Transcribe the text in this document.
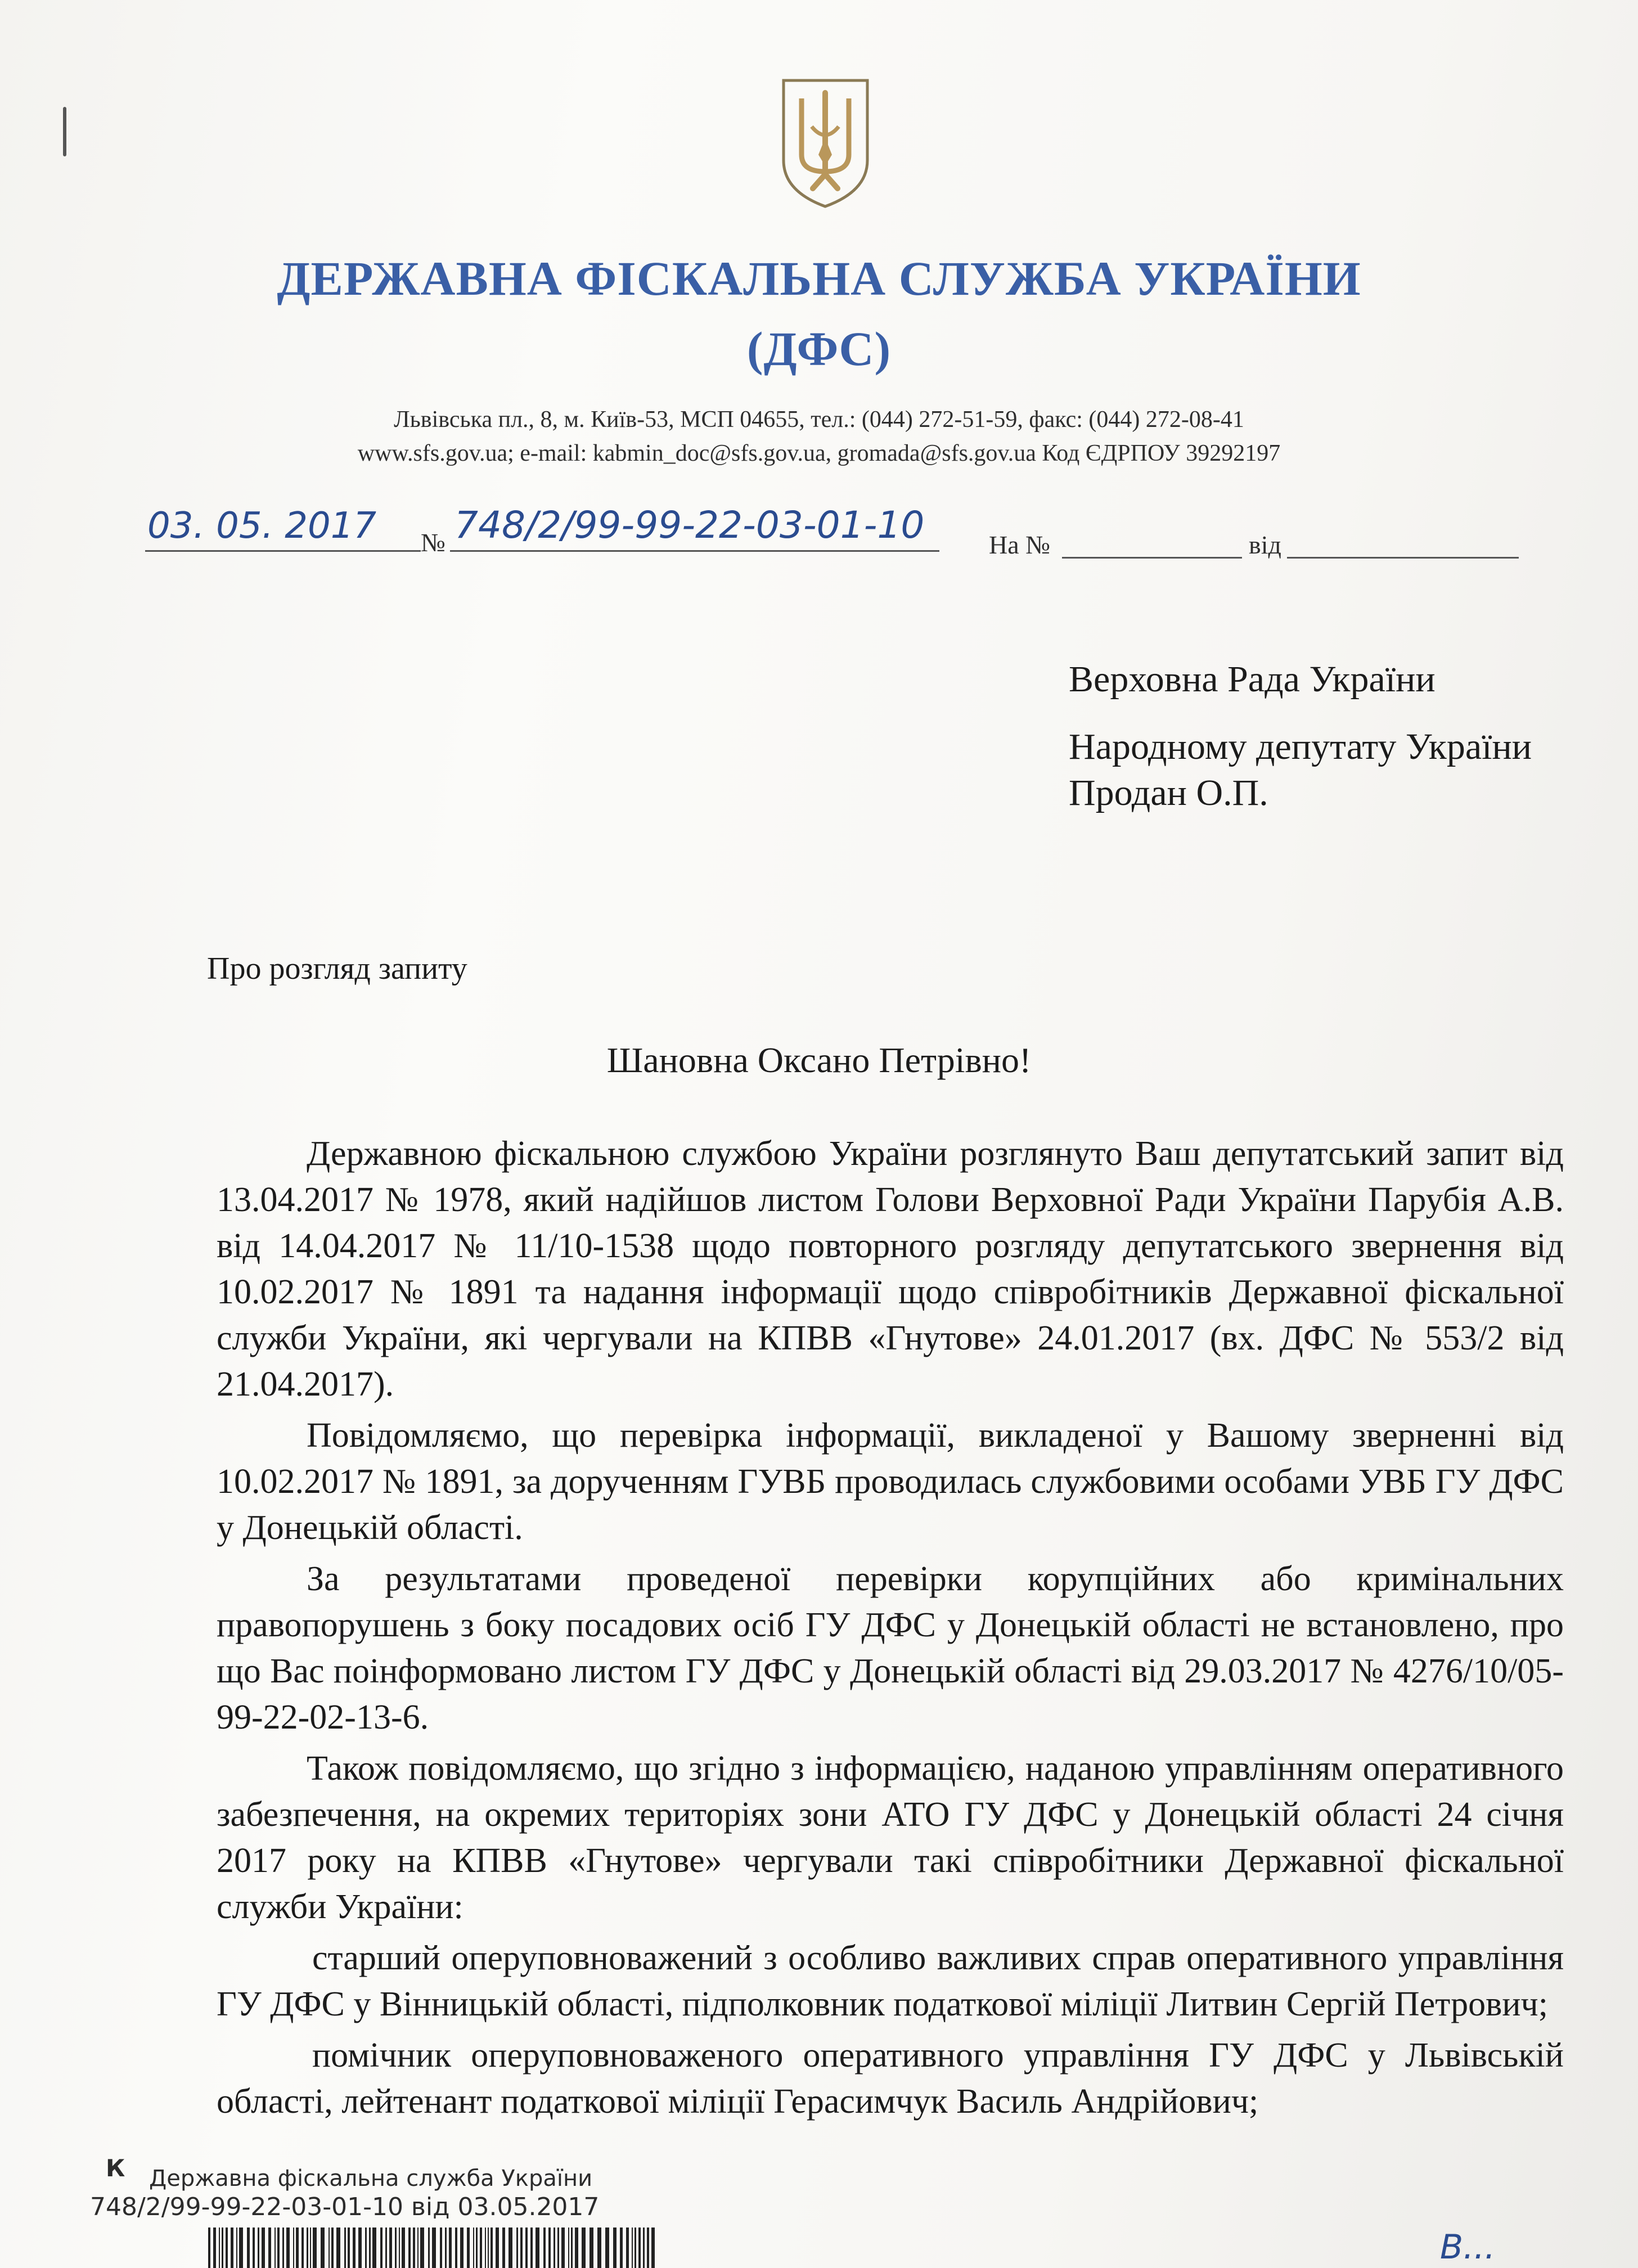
ДЕРЖАВНА ФІСКАЛЬНА СЛУЖБА УКРАЇНИ
(ДФС)
Львівська пл., 8, м. Київ-53, МСП 04655, тел.: (044) 272-51-59, факс: (044) 272-08-41
www.sfs.gov.ua; e-mail: kabmin_doc@sfs.gov.ua, gromada@sfs.gov.ua Код ЄДРПОУ 39292197
03. 05. 2017 № 748/2/99-99-22-03-01-10 На №	від
Верховна Рада України
Народному депутату України
Продан О.П.
Про розгляд запиту
Шановна Оксано Петрівно!

Державною фіскальною службою України розглянуто Ваш депутатський запит від 13.04.2017 № 1978, який надійшов листом Голови Верховної Ради України Парубія А.В. від 14.04.2017 № 11/10-1538 щодо повторного розгляду депутатського звернення від 10.02.2017 № 1891 та надання інформації щодо співробітників Державної фіскальної служби України, які чергували на КПВВ «Гнутове» 24.01.2017 (вх. ДФС № 553/2 від 21.04.2017).

Повідомляємо, що перевірка інформації, викладеної у Вашому зверненні від 10.02.2017 № 1891, за дорученням ГУВБ проводилась службовими особами УВБ ГУ ДФС у Донецькій області.

За результатами проведеної перевірки корупційних або кримінальних правопорушень з боку посадових осіб ГУ ДФС у Донецькій області не встановлено, про що Вас поінформовано листом ГУ ДФС у Донецькій області від 29.03.2017 № 4276/10/05-99-22-02-13-6.

Також повідомляємо, що згідно з інформацією, наданою управлінням оперативного забезпечення, на окремих територіях зони АТО ГУ ДФС у Донецькій області 24 січня 2017 року на КПВВ «Гнутове» чергували такі співробітники Державної фіскальної служби України:

старший оперуповноважений з особливо важливих справ оперативного управління ГУ ДФС у Вінницькій області, підполковник податкової міліції Литвин Сергій Петрович;

помічник оперуповноваженого оперативного управління ГУ ДФС у Львівській області, лейтенант податкової міліції Герасимчук Василь Андрійович;

К Державна фіскальна служба України
748/2/99-99-22-03-01-10 від 03.05.2017
В...
